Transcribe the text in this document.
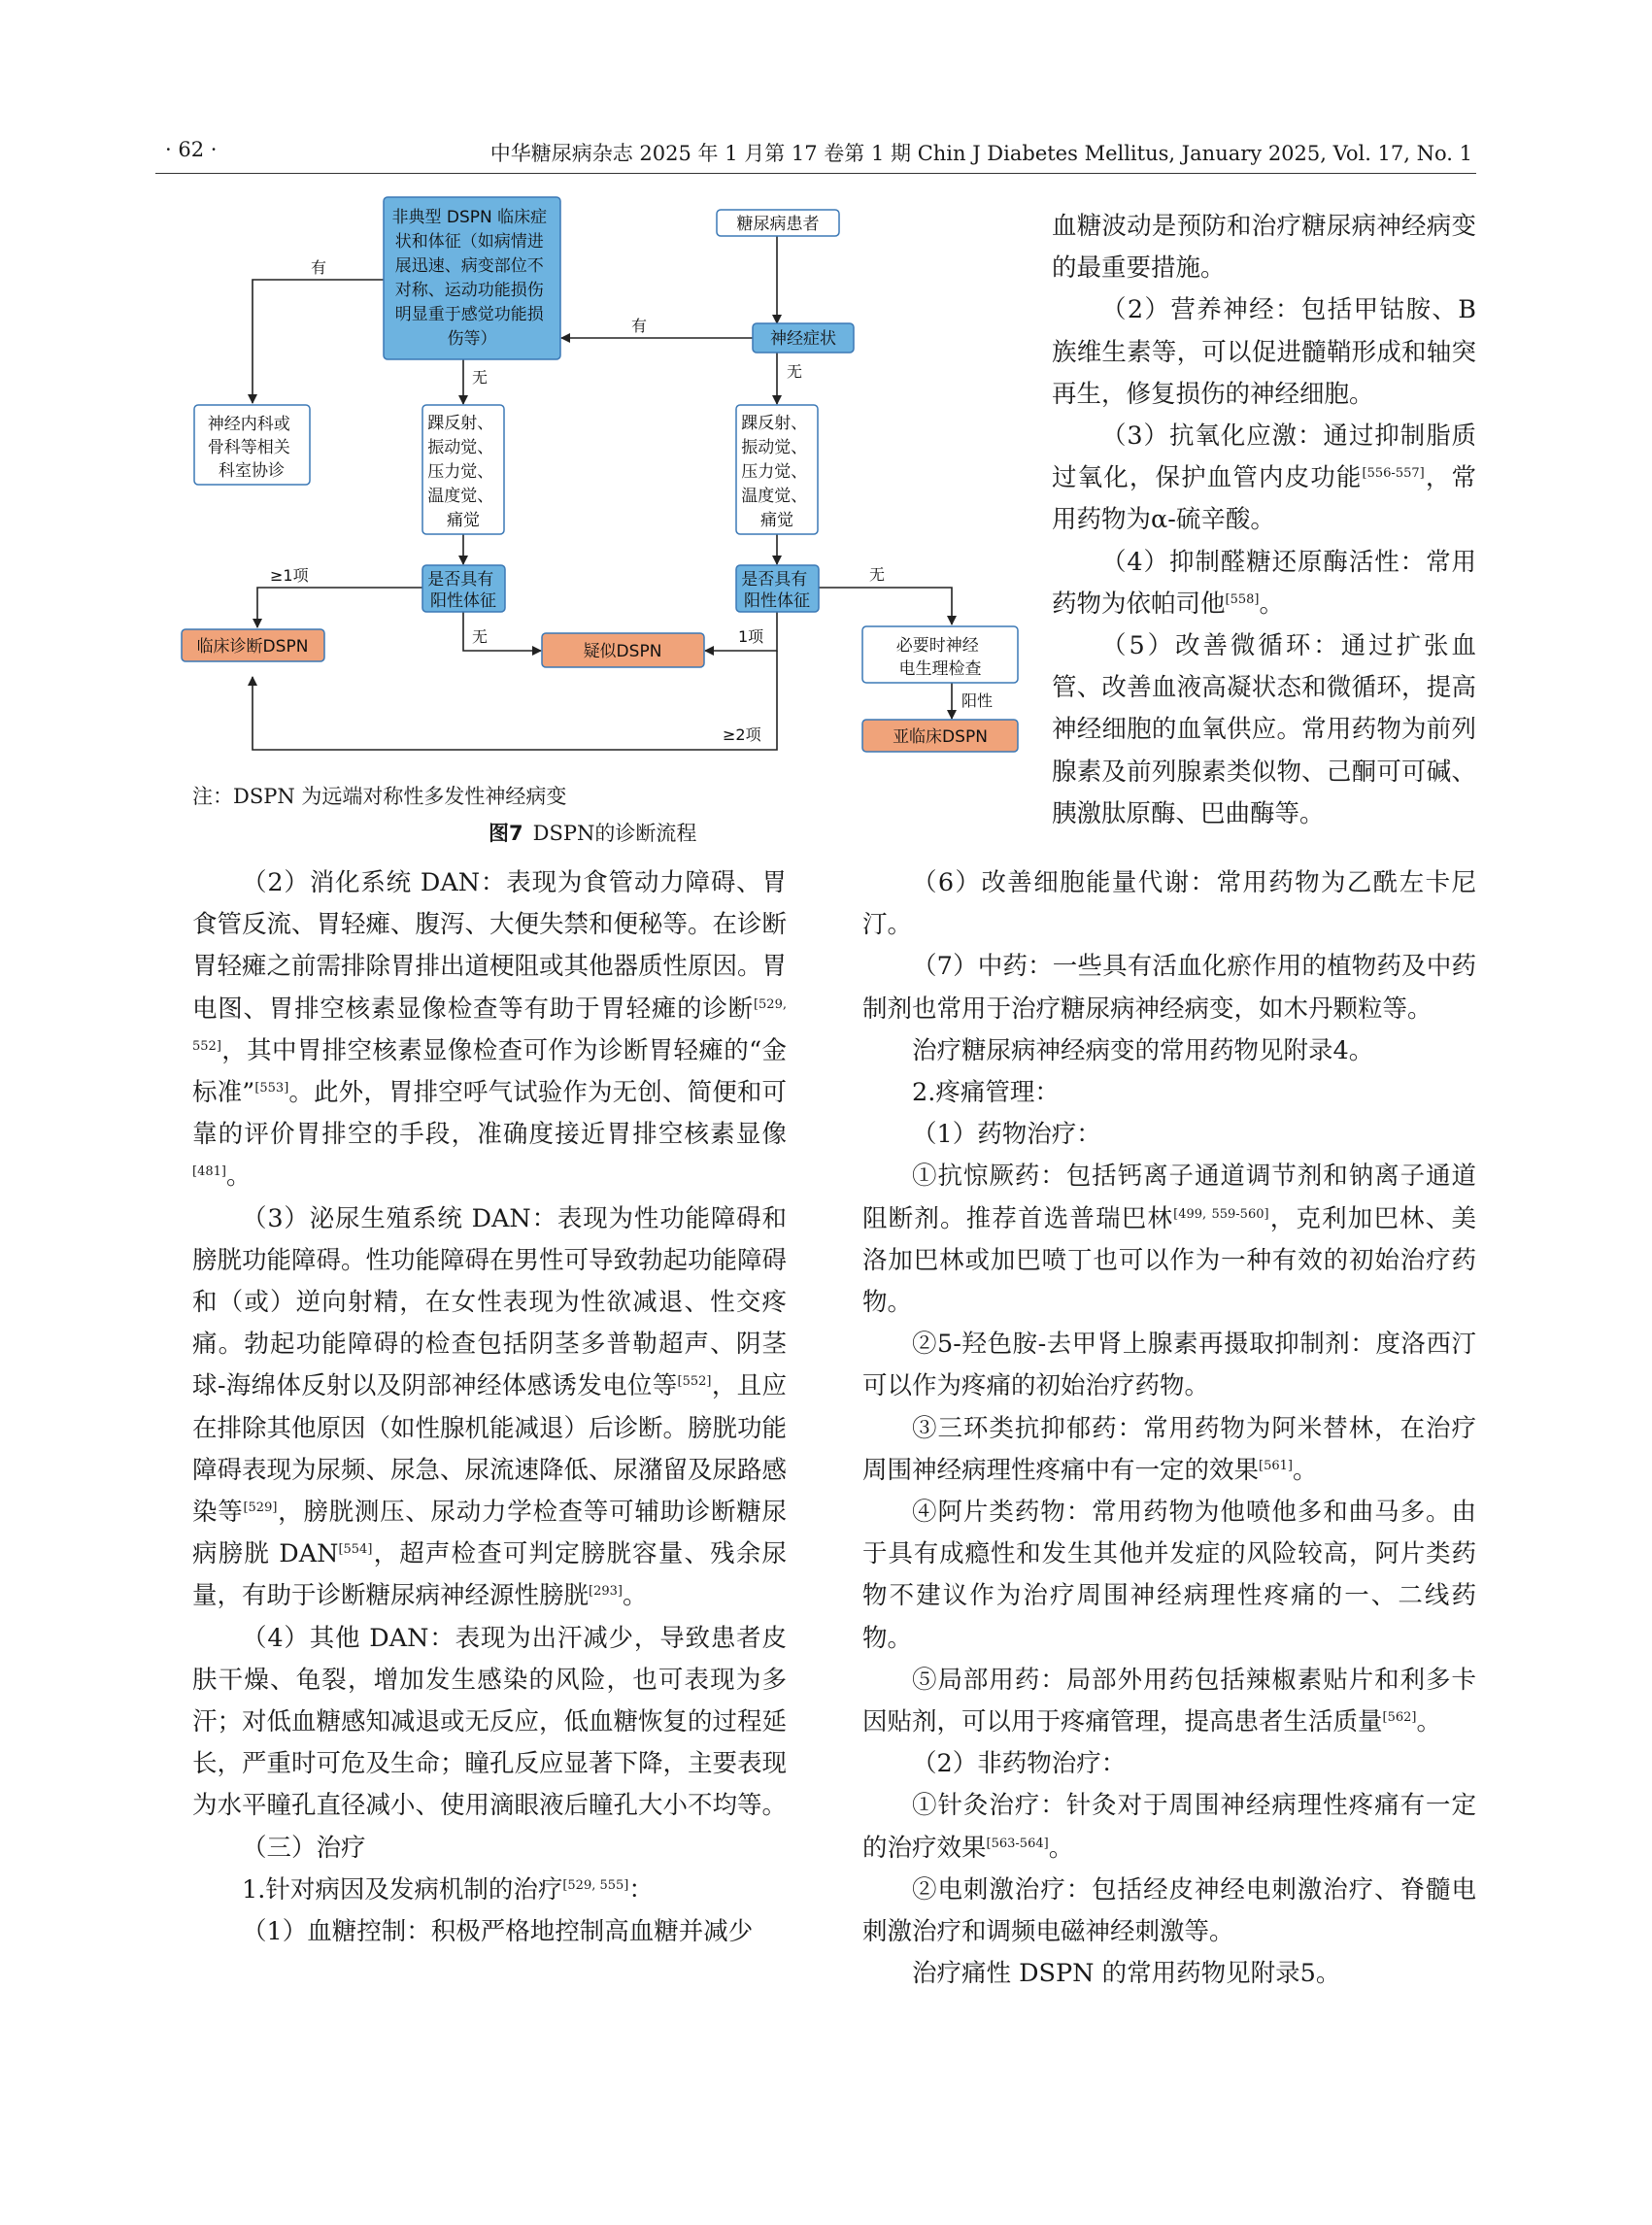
· 62 ·	中华糖尿病杂志 2025 年 1 月第 17 卷第 1 期 Chin J Diabetes Mellitus, January 2025, Vol. 17, No. 1
非典型 DSPN 临床症 状和体征（如病情进 展迅速、病变部位不 对称、运动功能损伤 明显重于感觉功能损 伤等）
糖尿病患者
神经症状
神经内科或 骨科等相关 科室协诊
踝反射、 振动觉、 压力觉、 温度觉、 痛觉
踝反射、 振动觉、 压力觉、 温度觉、 痛觉
是否具有 阳性体征
是否具有 阳性体征
临床诊断DSPN	疑似DSPN	必要时神经 电生理检查
亚临床DSPN
有
有
无	无
≥1项
无	1项
无
阳性
≥2项
注：DSPN 为远端对称性多发性神经病变
图7 DSPN的诊断流程

血糖波动是预防和治疗糖尿病神经病变的最重要措施。

（2）营养神经：包括甲钴胺、B族维生素等，可以促进髓鞘形成和轴突再生，修复损伤的神经细胞。

（3）抗氧化应激：通过抑制脂质过氧化，保护血管内皮功能[556-557]，常用药物为α-硫辛酸。

（4）抑制醛糖还原酶活性：常用药物为依帕司他[558]。

（5）改善微循环：通过扩张血管、改善血液高凝状态和微循环，提高神经细胞的血氧供应。常用药物为前列腺素及前列腺素类似物、己酮可可碱、胰激肽原酶、巴曲酶等。

（2）消化系统 DAN：表现为食管动力障碍、胃食管反流、胃轻瘫、腹泻、大便失禁和便秘等。在诊断胃轻瘫之前需排除胃排出道梗阻或其他器质性原因。胃电图、胃排空核素显像检查等有助于胃轻瘫的诊断[529, 552]，其中胃排空核素显像检查可作为诊断胃轻瘫的“金标准”[553]。此外，胃排空呼气试验作为无创、简便和可靠的评价胃排空的手段，准确度接近胃排空核素显像[481]。

（3）泌尿生殖系统 DAN：表现为性功能障碍和膀胱功能障碍。性功能障碍在男性可导致勃起功能障碍和（或）逆向射精，在女性表现为性欲减退、性交疼痛。勃起功能障碍的检查包括阴茎多普勒超声、阴茎球-海绵体反射以及阴部神经体感诱发电位等[552]，且应在排除其他原因（如性腺机能减退）后诊断。膀胱功能障碍表现为尿频、尿急、尿流速降低、尿潴留及尿路感染等[529]，膀胱测压、尿动力学检查等可辅助诊断糖尿病膀胱 DAN[554]，超声检查可判定膀胱容量、残余尿量，有助于诊断糖尿病神经源性膀胱[293]。

（4）其他 DAN：表现为出汗减少，导致患者皮肤干燥、龟裂，增加发生感染的风险，也可表现为多汗；对低血糖感知减退或无反应，低血糖恢复的过程延长，严重时可危及生命；瞳孔反应显著下降，主要表现为水平瞳孔直径减小、使用滴眼液后瞳孔大小不均等。

（三）治疗

1.针对病因及发病机制的治疗[529, 555]：

（1）血糖控制：积极严格地控制高血糖并减少

（6）改善细胞能量代谢：常用药物为乙酰左卡尼汀。

（7）中药：一些具有活血化瘀作用的植物药及中药制剂也常用于治疗糖尿病神经病变，如木丹颗粒等。

治疗糖尿病神经病变的常用药物见附录4。

2.疼痛管理：

（1）药物治疗：

①抗惊厥药：包括钙离子通道调节剂和钠离子通道阻断剂。推荐首选普瑞巴林[499, 559-560]，克利加巴林、美洛加巴林或加巴喷丁也可以作为一种有效的初始治疗药物。

②5-羟色胺-去甲肾上腺素再摄取抑制剂：度洛西汀可以作为疼痛的初始治疗药物。

③三环类抗抑郁药：常用药物为阿米替林，在治疗周围神经病理性疼痛中有一定的效果[561]。

④阿片类药物：常用药物为他喷他多和曲马多。由于具有成瘾性和发生其他并发症的风险较高，阿片类药物不建议作为治疗周围神经病理性疼痛的一、二线药物。

⑤局部用药：局部外用药包括辣椒素贴片和利多卡因贴剂，可以用于疼痛管理，提高患者生活质量[562]。

（2）非药物治疗：

①针灸治疗：针灸对于周围神经病理性疼痛有一定的治疗效果[563-564]。

②电刺激治疗：包括经皮神经电刺激治疗、脊髓电刺激治疗和调频电磁神经刺激等。

治疗痛性 DSPN 的常用药物见附录5。
